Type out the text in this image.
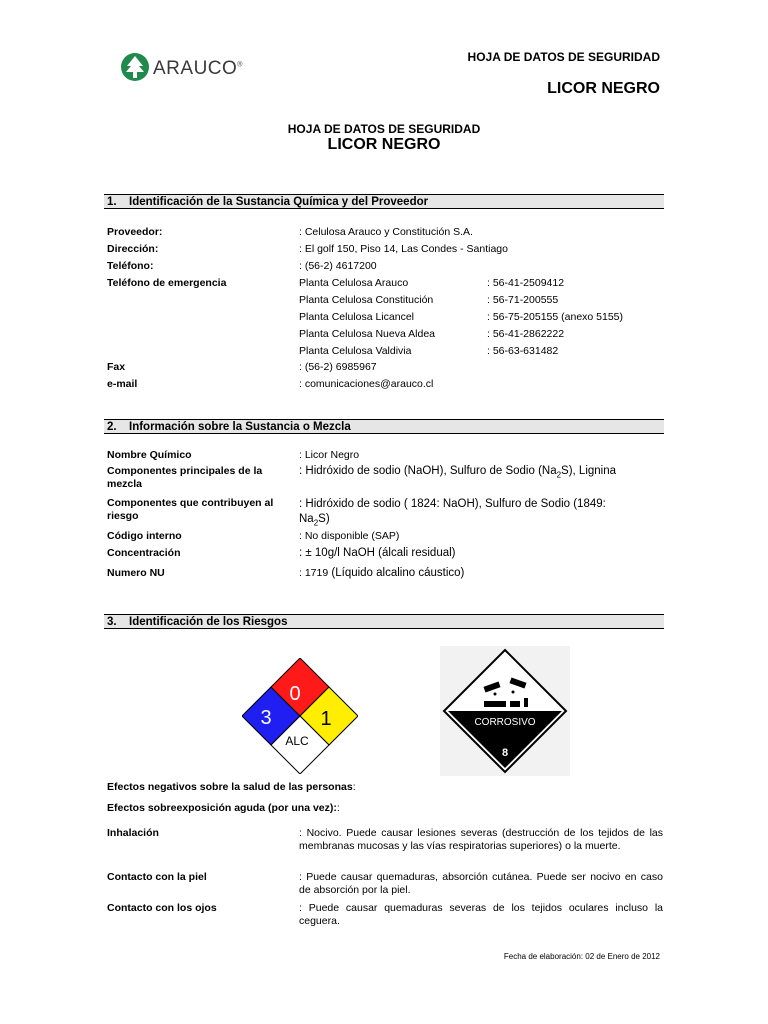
ARAUCO®
HOJA DE DATOS DE SEGURIDAD
LICOR NEGRO
HOJA DE DATOS DE SEGURIDAD
LICOR NEGRO
1. Identificación de la Sustancia Química y del Proveedor
Proveedor:	: Celulosa Arauco y Constitución S.A.
Dirección:	: El golf 150, Piso 14, Las Condes - Santiago
Teléfono:	: (56-2) 4617200
Teléfono de emergencia	Planta Celulosa Arauco	: 56-41-2509412
Planta Celulosa Constitución	: 56-71-200555
Planta Celulosa Licancel	: 56-75-205155 (anexo 5155)
Planta Celulosa Nueva Aldea	: 56-41-2862222
Planta Celulosa Valdivia	: 56-63-631482
Fax	: (56-2) 6985967
e-mail	: comunicaciones@arauco.cl
2. Información sobre la Sustancia o Mezcla
Nombre Químico	: Licor Negro
Componentes principales de la
mezcla
: Hidróxido de sodio (NaOH), Sulfuro de Sodio $(Na_2S)$, Lignina
Componentes que contribuyen al
riesgo
: Hidróxido de sodio ( 1824: NaOH), Sulfuro de Sodio (1849:
$Na_2S$)
Código interno	: No disponible (SAP)
Concentración	: ± 10g/l NaOH (álcali residual)
Numero NU	: 1719 (Líquido alcalino cáustico)
3. Identificación de los Riesgos
3
0
1
ALC
CORROSIVO
8
Efectos negativos sobre la salud de las personas:
Efectos sobreexposición aguda (por una vez)::
Inhalación	: Nocivo. Puede causar lesiones severas (destrucción de los tejidos de las membranas mucosas y las vías respiratorias superiores) o la muerte.
Contacto con la piel	: Puede causar quemaduras, absorción cutánea. Puede ser nocivo en caso de absorción por la piel.
Contacto con los ojos	: Puede causar quemaduras severas de los tejidos oculares incluso la ceguera.
Fecha de elaboración: 02 de Enero de 2012
